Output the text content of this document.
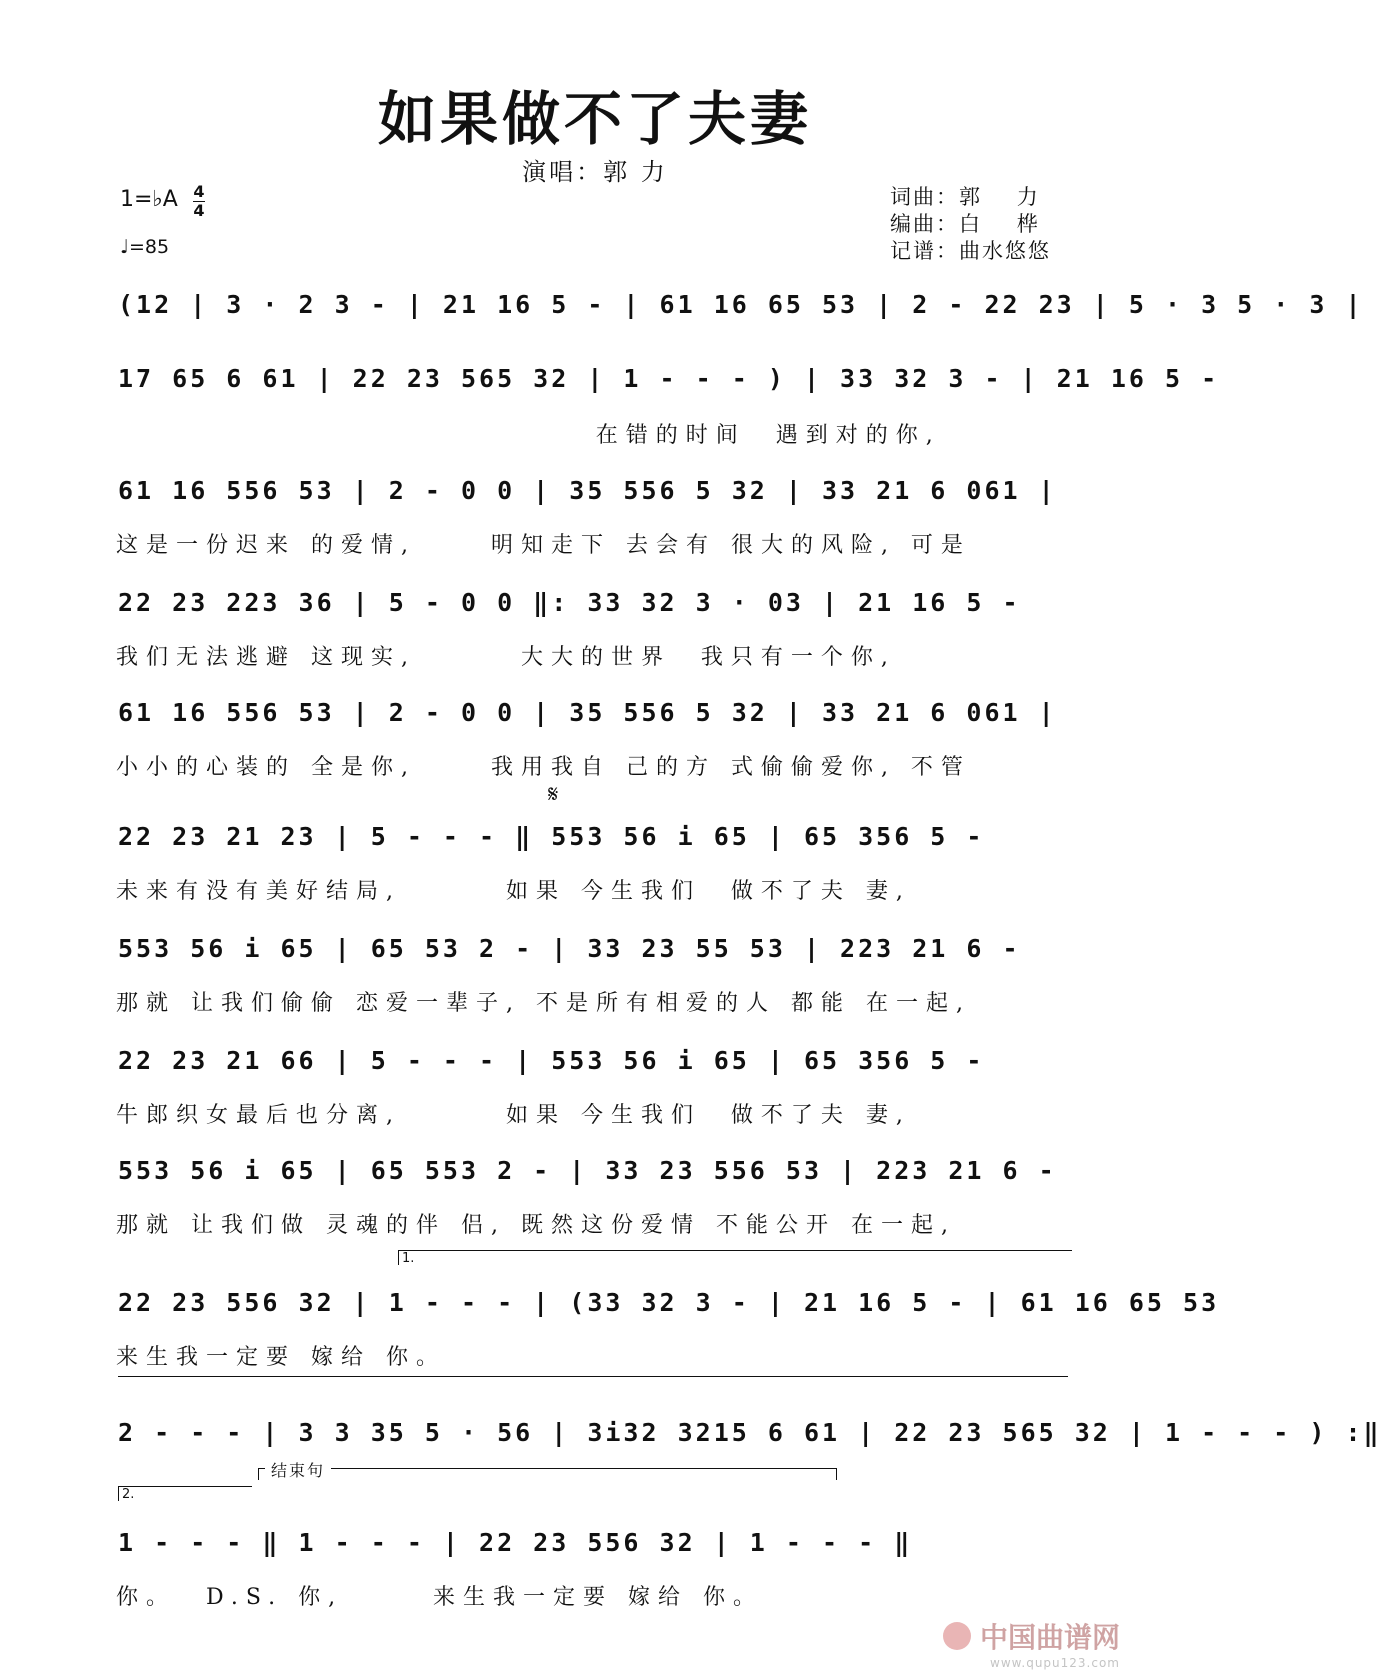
如果做不了夫妻
演唱：郭 力
1=♭A 4
4
♩=85
词曲：郭    力
编曲：白    桦
记谱：曲水悠悠
(12 | 3 · 2 3 - | 21 16 5 - | 61 16 65 53 | 2 - 22 23 | 5 · 3 5 · 3 |
17 65 6 61 | 22 23 565 32 | 1 - - - ) | 33 32 3 - | 21 16 5 -
在错的时间  遇到对的你,
61 16 556 53 | 2 - 0 0 | 35 556 5 32 | 33 21 6 061 |
这是一份迟来 的爱情,     明知走下 去会有 很大的风险, 可是
22 23 223 36 | 5 - 0 0 ‖: 33 32 3 · 03 | 21 16 5 -
我们无法逃避 这现实,       大大的世界  我只有一个你,
61 16 556 53 | 2 - 0 0 | 35 556 5 32 | 33 21 6 061 |
小小的心装的 全是你,     我用我自 己的方 式偷偷爱你, 不管
𝄋
22 23 21 23 | 5 - - - ‖ 553 56 i 65 | 65 356 5 -
未来有没有美好结局,       如果 今生我们  做不了夫 妻,
553 56 i 65 | 65 53 2 - | 33 23 55 53 | 223 21 6 -
那就 让我们偷偷 恋爱一辈子, 不是所有相爱的人 都能 在一起,
22 23 21 66 | 5 - - - | 553 56 i 65 | 65 356 5 -
牛郎织女最后也分离,       如果 今生我们  做不了夫 妻,
553 56 i 65 | 65 553 2 - | 33 23 556 53 | 223 21 6 -
那就 让我们做 灵魂的伴 侣, 既然这份爱情 不能公开 在一起,
1.
22 23 556 32 | 1 - - - | (33 32 3 - | 21 16 5 - | 61 16 65 53
来生我一定要 嫁给 你。
2 - - - | 3 3 35 5 · 56 | 3i32 3215 6 61 | 22 23 565 32 | 1 - - - ) :‖
2.
结束句
1 - - - ‖ 1 - - - | 22 23 556 32 | 1 - - - ‖
你。  D.S. 你,      来生我一定要 嫁给 你。
中国曲谱网
www.qupu123.com
